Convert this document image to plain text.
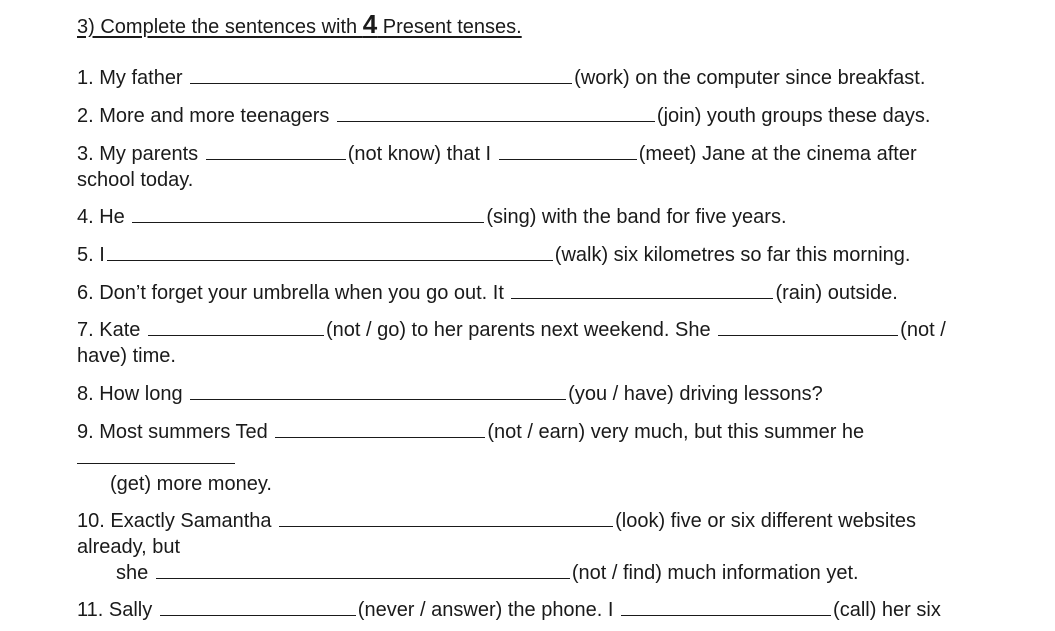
3) Complete the sentences with 4 Present tenses.
1. My father	(work) on the computer since breakfast.
2. More and more teenagers	(join) youth groups these days.
3. My parents	(not know) that I	(meet) Jane at the cinema after
school today.
4. He	(sing) with the band for five years.
5. I	(walk) six kilometres so far this morning.
6. Don’t forget your umbrella when you go out. It	(rain) outside.
7. Kate	(not / go) to her parents next weekend. She	(not /
have) time.
8. How long	(you / have) driving lessons?
9. Most summers Ted	(not / earn) very much, but this summer he
(get) more money.
10. Exactly Samantha	(look) five or six different websites
already, but
she	(not / find) much information yet.
11. Sally	(never / answer) the phone. I	(call) her six
